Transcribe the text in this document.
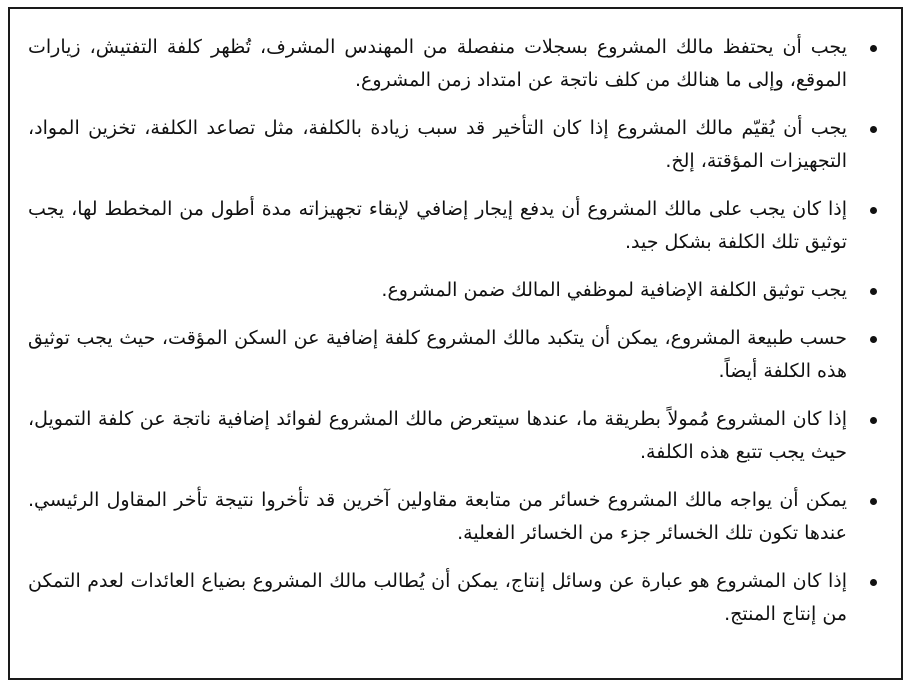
يجب أن يحتفظ مالك المشروع بسجلات منفصلة من المهندس المشرف، تُظهر كلفة التفتيش، زيارات الموقع، وإلى ما هنالك من كلف ناتجة عن امتداد زمن المشروع.
يجب أن يُقيّم مالك المشروع إذا كان التأخير قد سبب زيادة بالكلفة، مثل تصاعد الكلفة، تخزين المواد، التجهيزات المؤقتة، إلخ.
إذا كان يجب على مالك المشروع أن يدفع إيجار إضافي لإبقاء تجهيزاته مدة أطول من المخطط لها، يجب توثيق تلك الكلفة بشكل جيد.
يجب توثيق الكلفة الإضافية لموظفي المالك ضمن المشروع.
حسب طبيعة المشروع، يمكن أن يتكبد مالك المشروع كلفة إضافية عن السكن المؤقت، حيث يجب توثيق هذه الكلفة أيضاً.
إذا كان المشروع مُمولاً بطريقة ما، عندها سيتعرض مالك المشروع لفوائد إضافية ناتجة عن كلفة التمويل، حيث يجب تتبع هذه الكلفة.
يمكن أن يواجه مالك المشروع خسائر من متابعة مقاولين آخرين قد تأخروا نتيجة تأخر المقاول الرئيسي. عندها تكون تلك الخسائر جزء من الخسائر الفعلية.
إذا كان المشروع هو عبارة عن وسائل إنتاج، يمكن أن يُطالب مالك المشروع بضياع العائدات لعدم التمكن من إنتاج المنتج.
